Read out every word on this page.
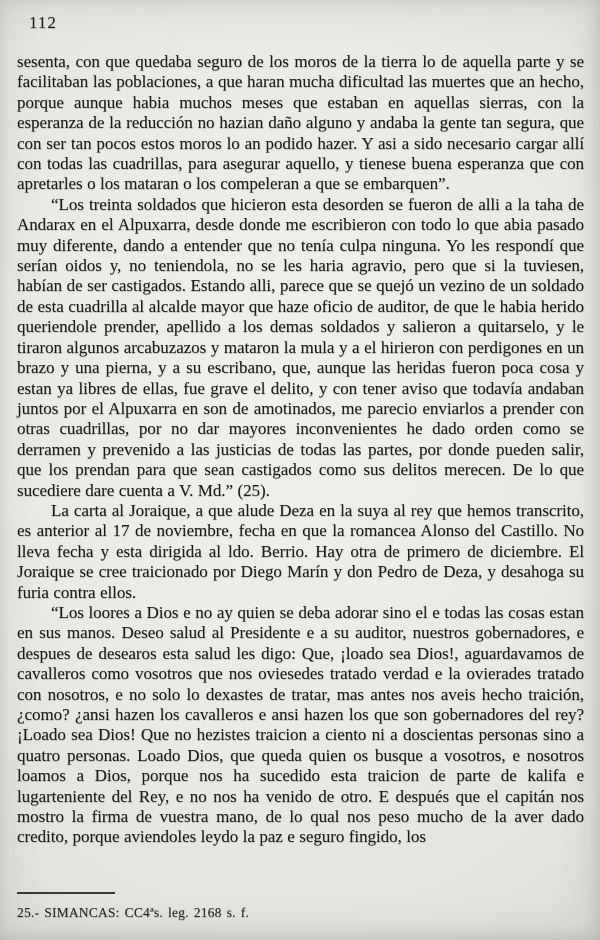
112

sesenta, con que quedaba seguro de los moros de la tierra lo de aquella parte y se facilitaban las poblaciones, a que haran mucha dificultad las muertes que an hecho, porque aunque habia muchos meses que estaban en aquellas sierras, con la esperanza de la reducción no hazian daño alguno y andaba la gente tan segura, que con ser tan pocos estos moros lo an podido hazer. Y asi a sido necesario cargar allí con todas las cuadrillas, para asegurar aquello, y tienese buena esperanza que con apretarles o los mataran o los compeleran a que se embarquen”.

“Los treinta soldados que hicieron esta desorden se fueron de alli a la taha de Andarax en el Alpuxarra, desde donde me escribieron con todo lo que abia pasado muy diferente, dando a entender que no tenía culpa ninguna. Yo les respondí que serían oidos y, no teniendola, no se les haria agravio, pero que si la tuviesen, habían de ser castigados. Estando alli, parece que se quejó un vezino de un soldado de esta cuadrilla al alcalde mayor que haze oficio de auditor, de que le habia herido queriendole prender, apellido a los demas soldados y salieron a quitarselo, y le tiraron algunos arcabuzazos y mataron la mula y a el hirieron con perdigones en un brazo y una pierna, y a su escribano, que, aunque las heridas fueron poca cosa y estan ya libres de ellas, fue grave el delito, y con tener aviso que todavía andaban juntos por el Alpuxarra en son de amotinados, me parecio enviarlos a prender con otras cuadrillas, por no dar mayores inconvenientes he dado orden como se derramen y prevenido a las justicias de todas las partes, por donde pueden salir, que los prendan para que sean castigados como sus delitos merecen. De lo que sucediere dare cuenta a V. Md.” (25).

La carta al Joraique, a que alude Deza en la suya al rey que hemos transcrito, es anterior al 17 de noviembre, fecha en que la romancea Alonso del Castillo. No lleva fecha y esta dirigida al ldo. Berrio. Hay otra de primero de diciembre. El Joraique se cree traicionado por Diego Marín y don Pedro de Deza, y desahoga su furia contra ellos.

“Los loores a Dios e no ay quien se deba adorar sino el e todas las cosas estan en sus manos. Deseo salud al Presidente e a su auditor, nuestros gobernadores, e despues de desearos esta salud les digo: Que, ¡loado sea Dios!, aguardavamos de cavalleros como vosotros que nos oviesedes tratado verdad e la ovierades tratado con nosotros, e no solo lo dexastes de tratar, mas antes nos aveis hecho traición, ¿como? ¿ansi hazen los cavalleros e ansi hazen los que son gobernadores del rey? ¡Loado sea Dios! Que no hezistes traicion a ciento ni a doscientas personas sino a quatro personas. Loado Dios, que queda quien os busque a vosotros, e nosotros loamos a Dios, porque nos ha sucedido esta traicion de parte de kalifa e lugarteniente del Rey, e no nos ha venido de otro. E después que el capitán nos mostro la firma de vuestra mano, de lo qual nos peso mucho de la aver dado credito, porque aviendoles leydo la paz e seguro fingido, los

25.- SIMANCAS: CC4ªs. leg. 2168 s. f.
